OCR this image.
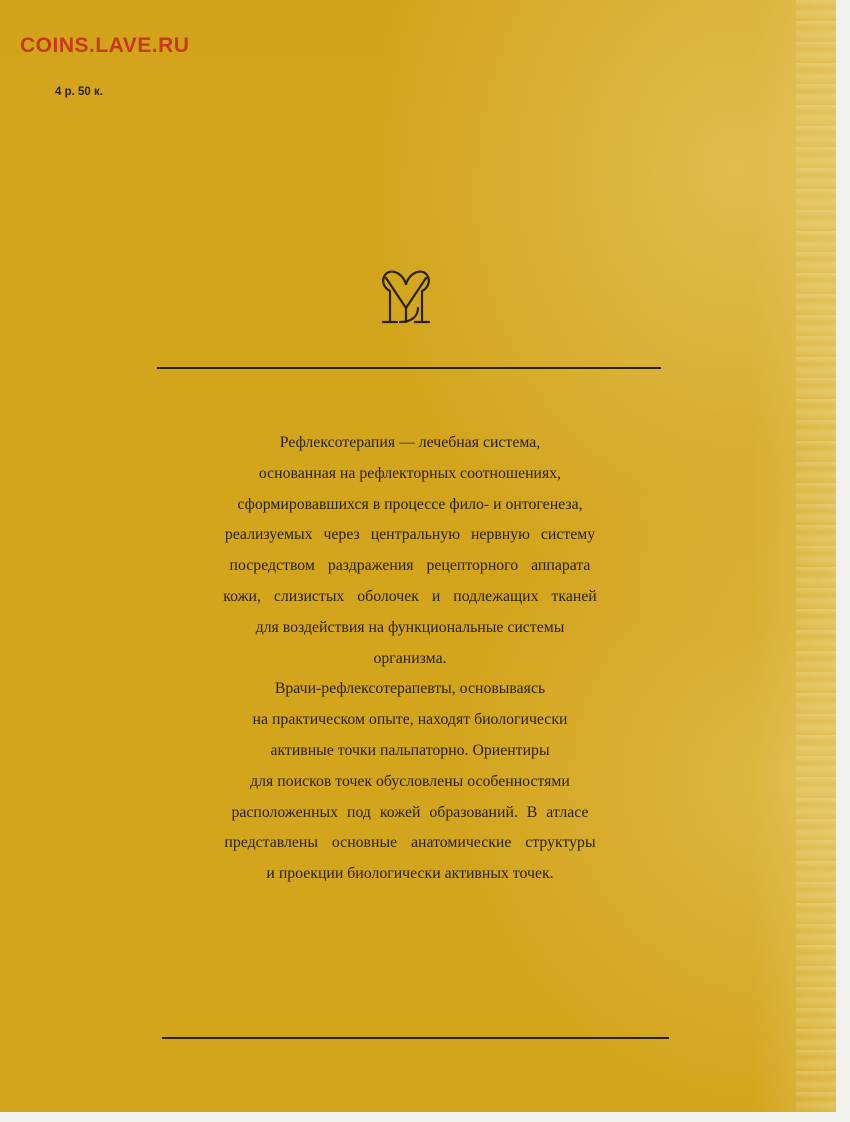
COINS.LAVE.RU
4 р. 50 к.
Рефлексотерапия — лечебная система,
основанная на рефлекторных соотношениях,
сформировавшихся в процессе фило- и онтогенеза,
реализуемых через центральную нервную систему
посредством раздражения рецепторного аппарата
кожи, слизистых оболочек и подлежащих тканей
для воздействия на функциональные системы
организма.
Врачи-рефлексотерапевты, основываясь
на практическом опыте, находят биологически
активные точки пальпаторно. Ориентиры
для поисков точек обусловлены особенностями
расположенных под кожей образований. В атласе
представлены основные анатомические структуры
и проекции биологически активных точек.
